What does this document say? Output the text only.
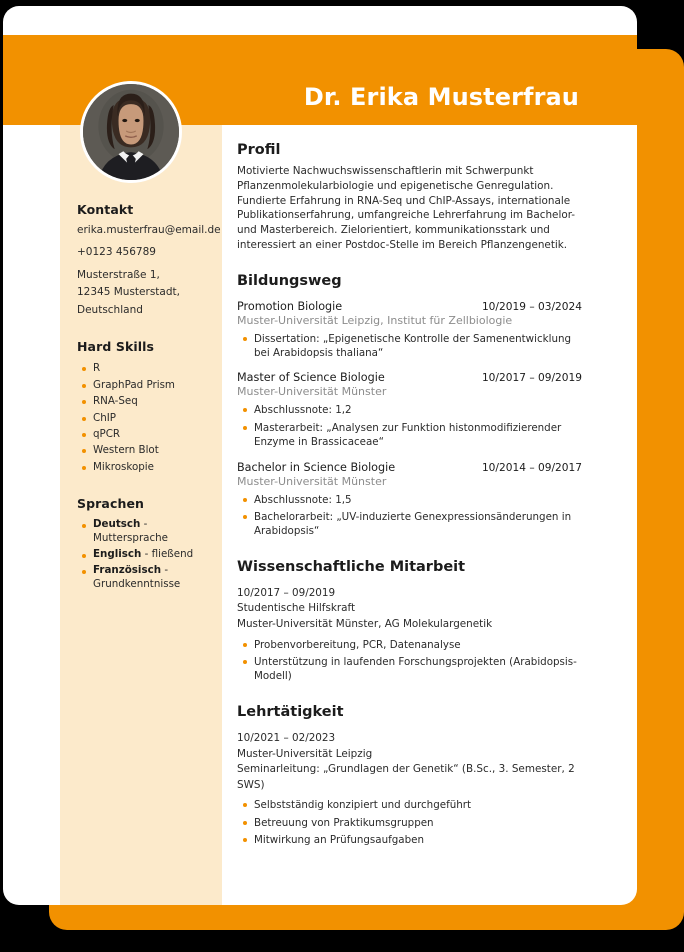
Dr. Erika Musterfrau
Kontakt
erika.musterfrau@email.de
+0123 456789
Musterstraße 1,
12345 Musterstadt,
Deutschland
Hard Skills
R
GraphPad Prism
RNA-Seq
ChIP
qPCR
Western Blot
Mikroskopie
Sprachen
Deutsch - Muttersprache
Englisch - fließend
Französisch - Grundkenntnisse
Profil

Motivierte Nachwuchswissenschaftlerin mit Schwerpunkt Pflanzenmolekularbiologie und epigenetische Genregulation. Fundierte Erfahrung in RNA-Seq und ChIP-Assays, internationale Publikationserfahrung, umfangreiche Lehrerfahrung im Bachelor- und Masterbereich. Zielorientiert, kommunikationsstark und interessiert an einer Postdoc-Stelle im Bereich Pflanzengenetik.

Bildungsweg
Promotion Biologie	10/2019 – 03/2024
Muster-Universität Leipzig, Institut für Zellbiologie
Dissertation: „Epigenetische Kontrolle der Samenentwicklung bei Arabidopsis thaliana“
Master of Science Biologie	10/2017 – 09/2019
Muster-Universität Münster
Abschlussnote: 1,2
Masterarbeit: „Analysen zur Funktion histonmodifizierender Enzyme in Brassicaceae“
Bachelor in Science Biologie	10/2014 – 09/2017
Muster-Universität Münster
Abschlussnote: 1,5
Bachelorarbeit: „UV-induzierte Genexpressionsänderungen in Arabidopsis“
Wissenschaftliche Mitarbeit
10/2017 – 09/2019
Studentische Hilfskraft
Muster-Universität Münster, AG Molekulargenetik
Probenvorbereitung, PCR, Datenanalyse
Unterstützung in laufenden Forschungsprojekten (Arabidopsis-Modell)
Lehrtätigkeit
10/2021 – 02/2023
Muster-Universität Leipzig
Seminarleitung: „Grundlagen der Genetik“ (B.Sc., 3. Semester, 2 SWS)
Selbstständig konzipiert und durchgeführt
Betreuung von Praktikumsgruppen
Mitwirkung an Prüfungsaufgaben
